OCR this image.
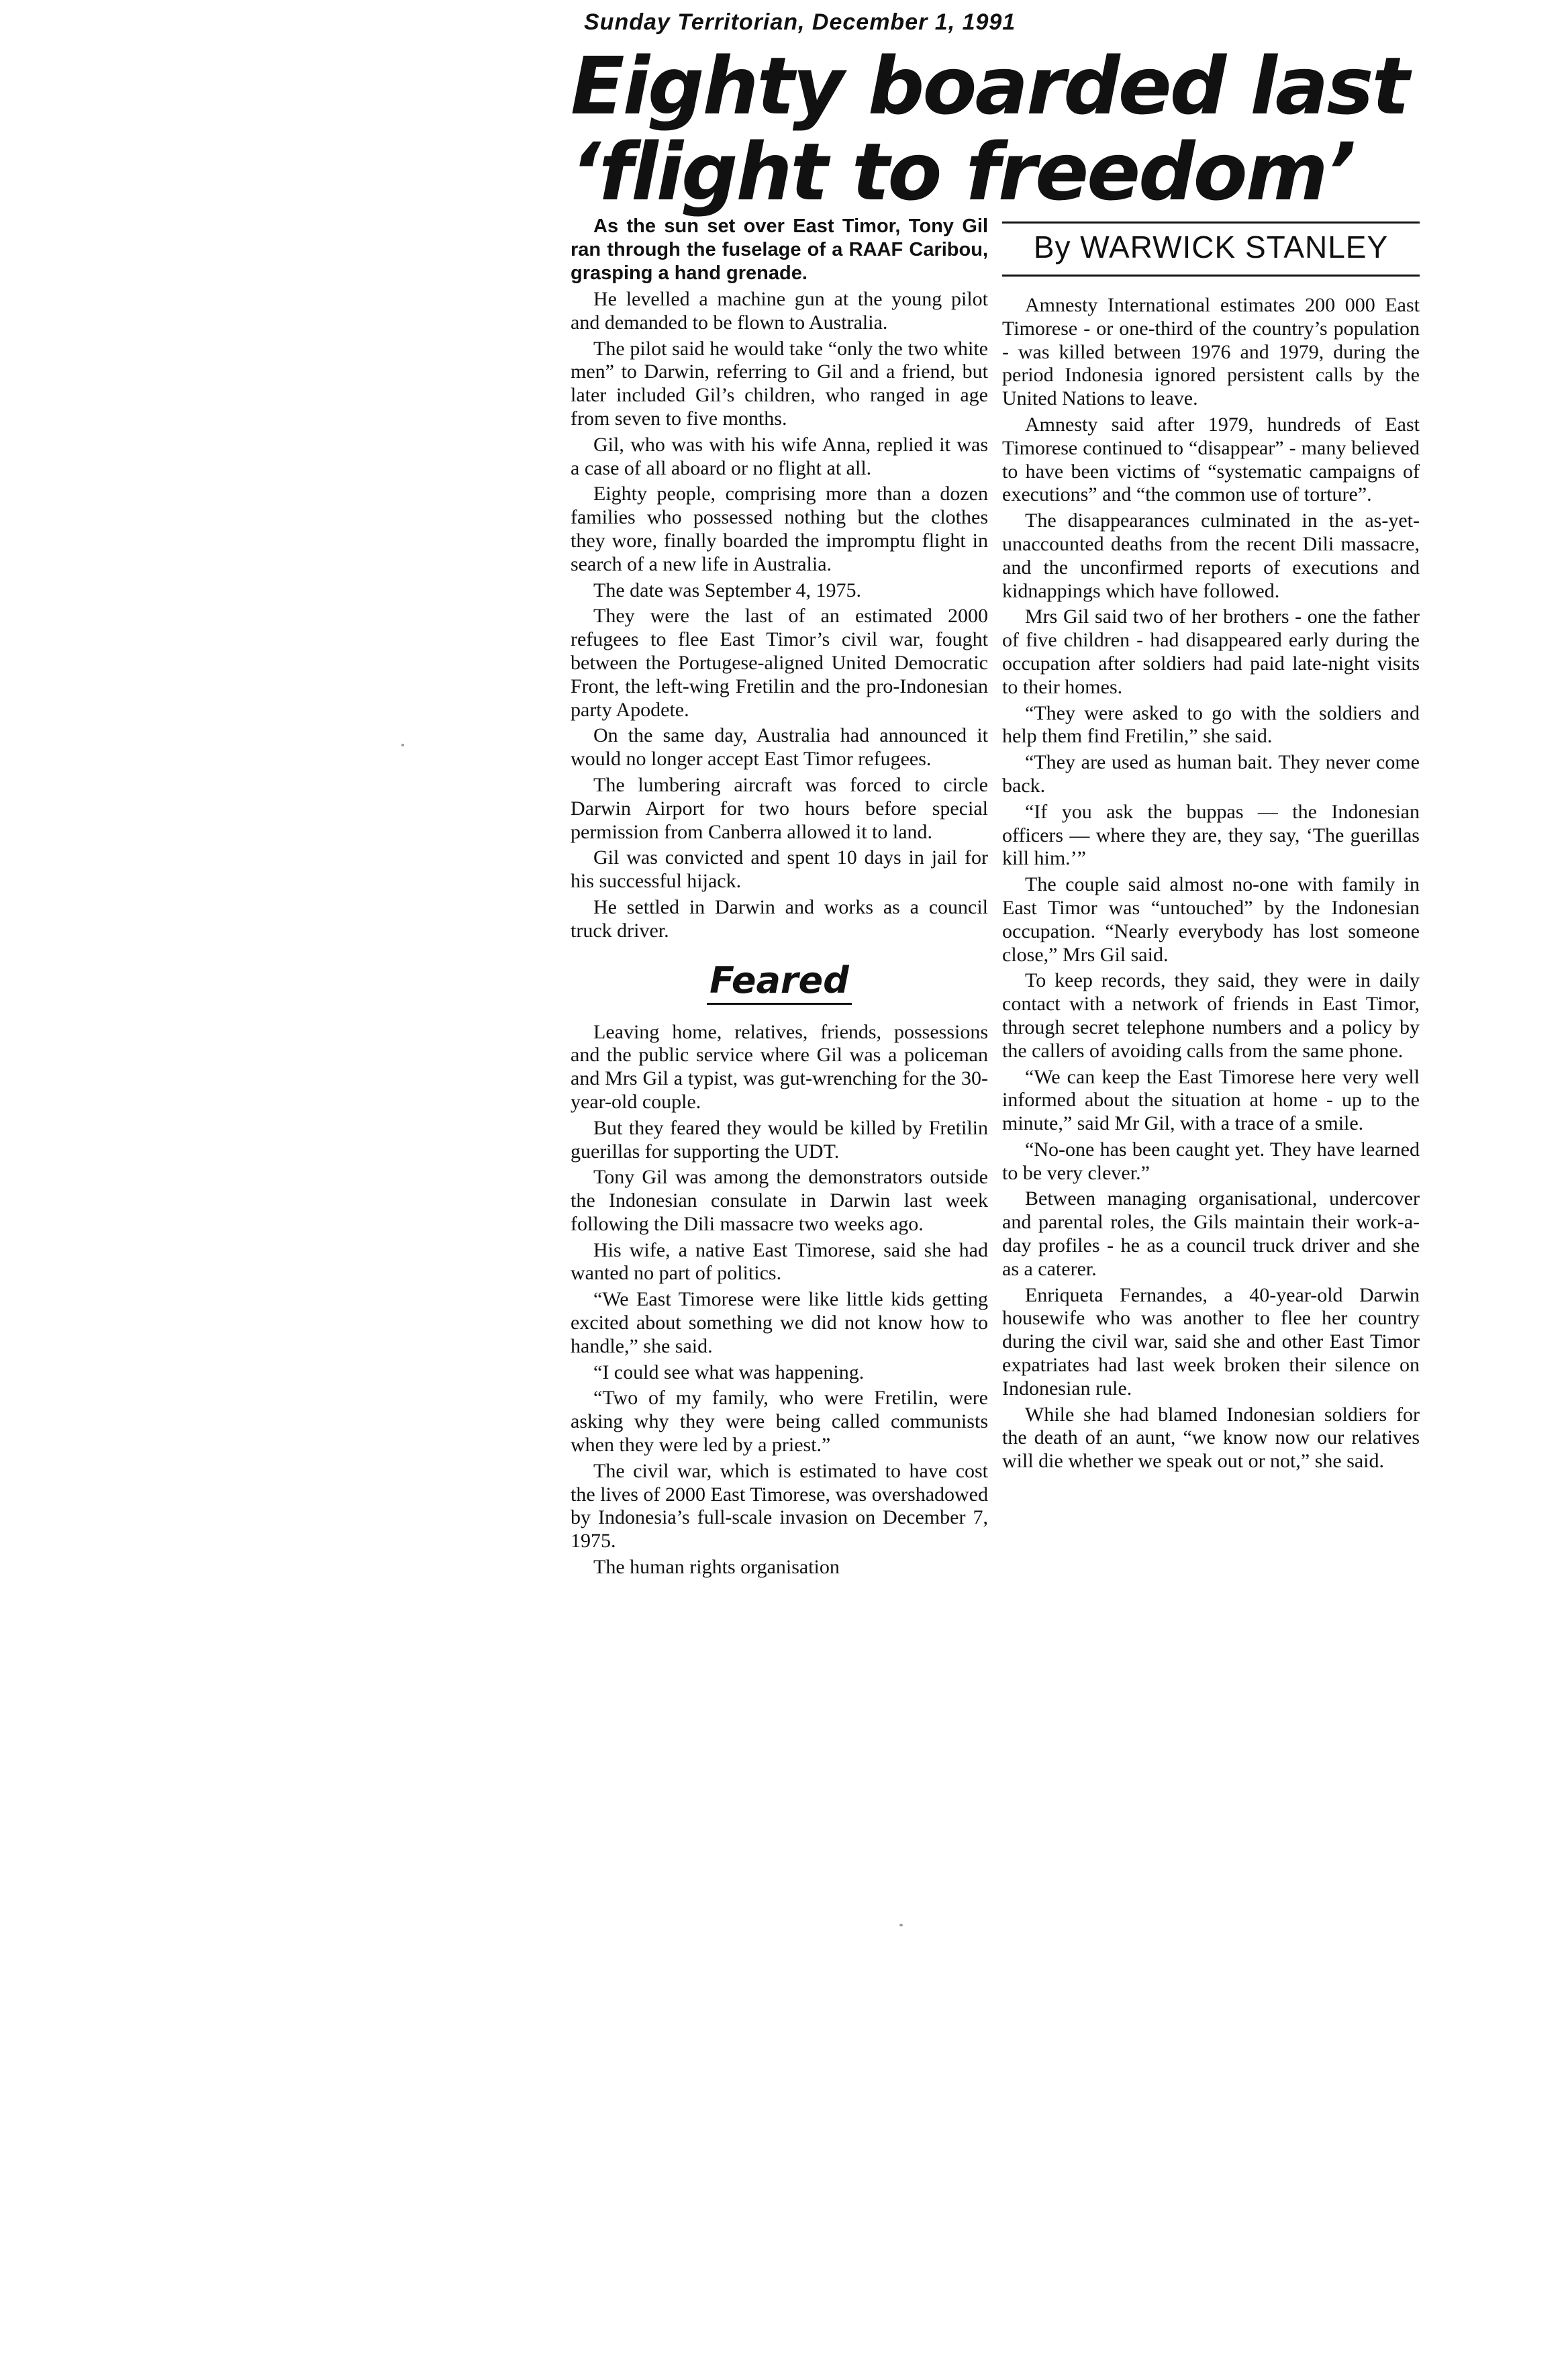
Sunday Territorian, December 1, 1991
Eighty boarded last
‘flight to freedom’

As the sun set over East Timor, Tony Gil ran through the fuselage of a RAAF Caribou, grasping a hand grenade.

He levelled a machine gun at the young pilot and demanded to be flown to Australia.

The pilot said he would take “only the two white men” to Darwin, referring to Gil and a friend, but later included Gil’s children, who ranged in age from seven to five months.

Gil, who was with his wife Anna, replied it was a case of all aboard or no flight at all.

Eighty people, comprising more than a dozen families who possessed nothing but the clothes they wore, finally boarded the impromptu flight in search of a new life in Australia.

The date was September 4, 1975.

They were the last of an estimated 2000 refugees to flee East Timor’s civil war, fought between the Portugese-aligned United Democratic Front, the left-wing Fretilin and the pro-Indonesian party Apodete.

On the same day, Australia had announced it would no longer accept East Timor refugees.

The lumbering aircraft was forced to circle Darwin Airport for two hours before special permission from Canberra allowed it to land.

Gil was convicted and spent 10 days in jail for his successful hijack.

He settled in Darwin and works as a council truck driver.

Feared

Leaving home, relatives, friends, possessions and the public service where Gil was a policeman and Mrs Gil a typist, was gut-wrenching for the 30-year-old couple.

But they feared they would be killed by Fretilin guerillas for supporting the UDT.

Tony Gil was among the demonstrators outside the Indonesian consulate in Darwin last week following the Dili massacre two weeks ago.

His wife, a native East Timorese, said she had wanted no part of politics.

“We East Timorese were like little kids getting excited about something we did not know how to handle,” she said.

“I could see what was happening.

“Two of my family, who were Fretilin, were asking why they were being called communists when they were led by a priest.”

The civil war, which is estimated to have cost the lives of 2000 East Timorese, was overshadowed by Indonesia’s full-scale invasion on December 7, 1975.

The human rights organisation

By WARWICK STANLEY

Amnesty International estimates 200 000 East Timorese - or one-third of the country’s population - was killed between 1976 and 1979, during the period Indonesia ignored persistent calls by the United Nations to leave.

Amnesty said after 1979, hundreds of East Timorese continued to “disappear” - many believed to have been victims of “systematic campaigns of executions” and “the common use of torture”.

The disappearances culminated in the as-yet-unaccounted deaths from the recent Dili massacre, and the unconfirmed reports of executions and kidnappings which have followed.

Mrs Gil said two of her brothers - one the father of five children - had disappeared early during the occupation after soldiers had paid late-night visits to their homes.

“They were asked to go with the soldiers and help them find Fretilin,” she said.

“They are used as human bait. They never come back.

“If you ask the buppas — the Indonesian officers — where they are, they say, ‘The guerillas kill him.’”

The couple said almost no-one with family in East Timor was “untouched” by the Indonesian occupation. “Nearly everybody has lost someone close,” Mrs Gil said.

To keep records, they said, they were in daily contact with a network of friends in East Timor, through secret telephone numbers and a policy by the callers of avoiding calls from the same phone.

“We can keep the East Timorese here very well informed about the situation at home - up to the minute,” said Mr Gil, with a trace of a smile.

“No-one has been caught yet. They have learned to be very clever.”

Between managing organisational, undercover and parental roles, the Gils maintain their work-a-day profiles - he as a council truck driver and she as a caterer.

Enriqueta Fernandes, a 40-year-old Darwin housewife who was another to flee her country during the civil war, said she and other East Timor expatriates had last week broken their silence on Indonesian rule.

While she had blamed Indonesian soldiers for the death of an aunt, “we know now our relatives will die whether we speak out or not,” she said.
